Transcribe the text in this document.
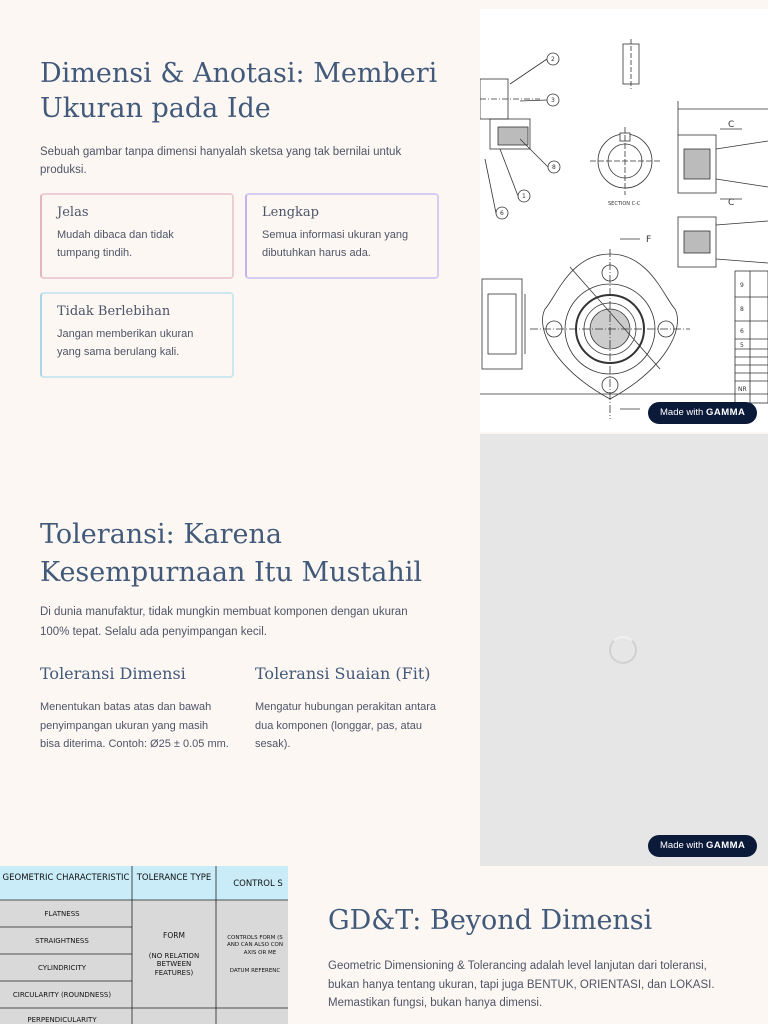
Dimensi & Anotasi: Memberi Ukuran pada Ide

Sebuah gambar tanpa dimensi hanyalah sketsa yang tak bernilai untuk produksi.

Jelas
Mudah dibaca dan tidak tumpang tindih.
Lengkap
Semua informasi ukuran yang dibutuhkan harus ada.
Tidak Berlebihan
Jangan memberikan ukuran yang sama berulang kali.
2
3
8
1
6
SECTION C-C
C
C
F
9
8
6
5
NR
Made with GAMMA
Toleransi: Karena Kesempurnaan Itu Mustahil

Di dunia manufaktur, tidak mungkin membuat komponen dengan ukuran 100% tepat. Selalu ada penyimpangan kecil.

Toleransi Dimensi
Menentukan batas atas dan bawah penyimpangan ukuran yang masih bisa diterima. Contoh: Ø25 ± 0.05 mm.
Toleransi Suaian (Fit)
Mengatur hubungan perakitan antara dua komponen (longgar, pas, atau sesak).
Made with GAMMA
GEOMETRIC CHARACTERISTIC TOLERANCE TYPE
CONTROL S
FLATNESS
STRAIGHTNESS
CYLINDRICITY
CIRCULARITY (ROUNDNESS)
PERPENDICULARITY
FORM
(NO RELATION
BETWEEN
FEATURES)
CONTROLS FORM (S
AND CAN ALSO CON
AXIS OR ME
DATUM REFERENC
GD&T: Beyond Dimensi

Geometric Dimensioning & Tolerancing adalah level lanjutan dari toleransi, bukan hanya tentang ukuran, tapi juga BENTUK, ORIENTASI, dan LOKASI. Memastikan fungsi, bukan hanya dimensi.
